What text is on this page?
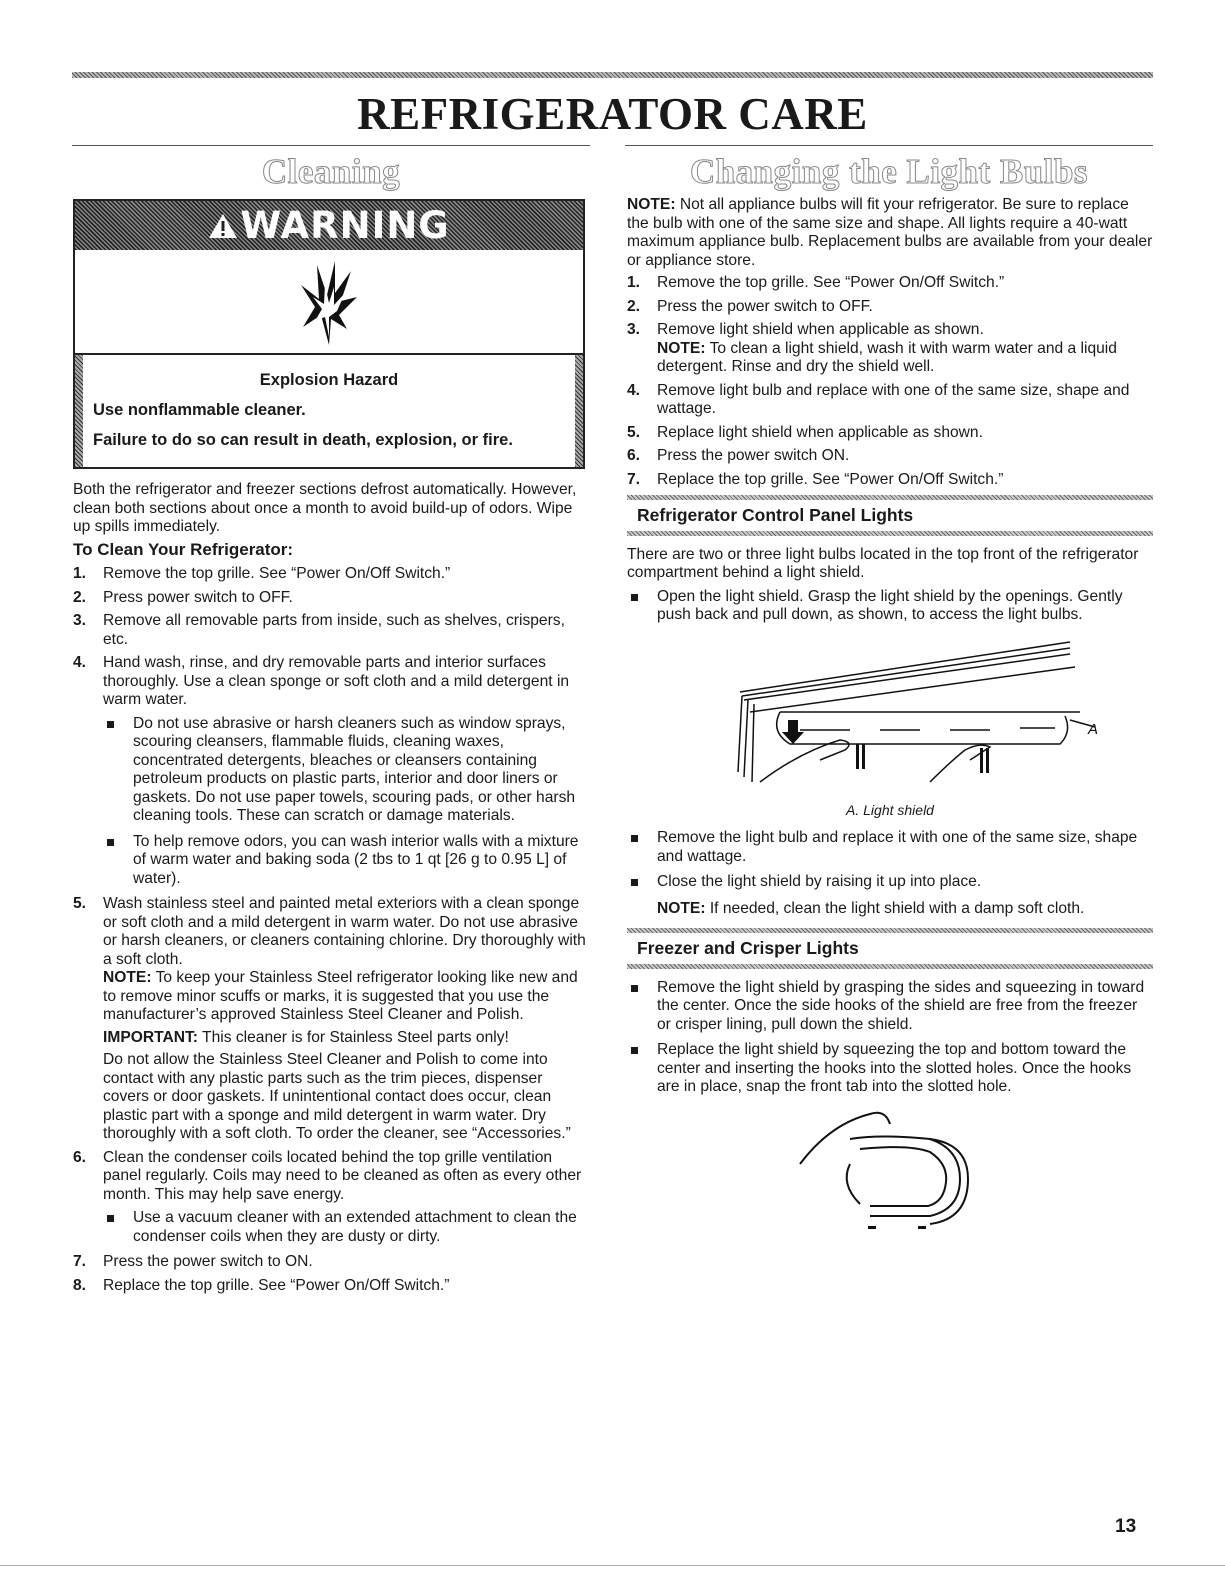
REFRIGERATOR CARE
Cleaning
WARNING
Explosion Hazard
Use nonflammable cleaner.
Failure to do so can result in death, explosion, or fire.

Both the refrigerator and freezer sections defrost automatically. However, clean both sections about once a month to avoid build-up of odors. Wipe up spills immediately.

To Clean Your Refrigerator:
1. Remove the top grille. See “Power On/Off Switch.”
2. Press power switch to OFF.
3. Remove all removable parts from inside, such as shelves, crispers, etc.
4. Hand wash, rinse, and dry removable parts and interior surfaces thoroughly. Use a clean sponge or soft cloth and a mild detergent in warm water.
Do not use abrasive or harsh cleaners such as window sprays, scouring cleansers, flammable fluids, cleaning waxes, concentrated detergents, bleaches or cleansers containing petroleum products on plastic parts, interior and door liners or gaskets. Do not use paper towels, scouring pads, or other harsh cleaning tools. These can scratch or damage materials.
To help remove odors, you can wash interior walls with a mixture of warm water and baking soda (2 tbs to 1 qt [26 g to 0.95 L] of water).
5. Wash stainless steel and painted metal exteriors with a clean sponge or soft cloth and a mild detergent in warm water. Do not use abrasive or harsh cleaners, or cleaners containing chlorine. Dry thoroughly with a soft cloth.

NOTE: To keep your Stainless Steel refrigerator looking like new and to remove minor scuffs or marks, it is suggested that you use the manufacturer’s approved Stainless Steel Cleaner and Polish.

IMPORTANT: This cleaner is for Stainless Steel parts only!

Do not allow the Stainless Steel Cleaner and Polish to come into contact with any plastic parts such as the trim pieces, dispenser covers or door gaskets. If unintentional contact does occur, clean plastic part with a sponge and mild detergent in warm water. Dry thoroughly with a soft cloth. To order the cleaner, see “Accessories.”

6. Clean the condenser coils located behind the top grille ventilation panel regularly. Coils may need to be cleaned as often as every other month. This may help save energy.
Use a vacuum cleaner with an extended attachment to clean the condenser coils when they are dusty or dirty.
7. Press the power switch to ON.
8. Replace the top grille. See “Power On/Off Switch.”
Changing the Light Bulbs

NOTE: Not all appliance bulbs will fit your refrigerator. Be sure to replace the bulb with one of the same size and shape. All lights require a 40-watt maximum appliance bulb. Replacement bulbs are available from your dealer or appliance store.

1. Remove the top grille. See “Power On/Off Switch.”
2. Press the power switch to OFF.
3. Remove light shield when applicable as shown.

NOTE: To clean a light shield, wash it with warm water and a liquid detergent. Rinse and dry the shield well.

4. Remove light bulb and replace with one of the same size, shape and wattage.
5. Replace light shield when applicable as shown.
6. Press the power switch ON.
7. Replace the top grille. See “Power On/Off Switch.”
Refrigerator Control Panel Lights

There are two or three light bulbs located in the top front of the refrigerator compartment behind a light shield.

Open the light shield. Grasp the light shield by the openings. Gently push back and pull down, as shown, to access the light bulbs.
A
A. Light shield
Remove the light bulb and replace it with one of the same size, shape and wattage.
Close the light shield by raising it up into place.

NOTE: If needed, clean the light shield with a damp soft cloth.

Freezer and Crisper Lights
Remove the light shield by grasping the sides and squeezing in toward the center. Once the side hooks of the shield are free from the freezer or crisper lining, pull down the shield.
Replace the light shield by squeezing the top and bottom toward the center and inserting the hooks into the slotted holes. Once the hooks are in place, snap the front tab into the slotted hole.
13
